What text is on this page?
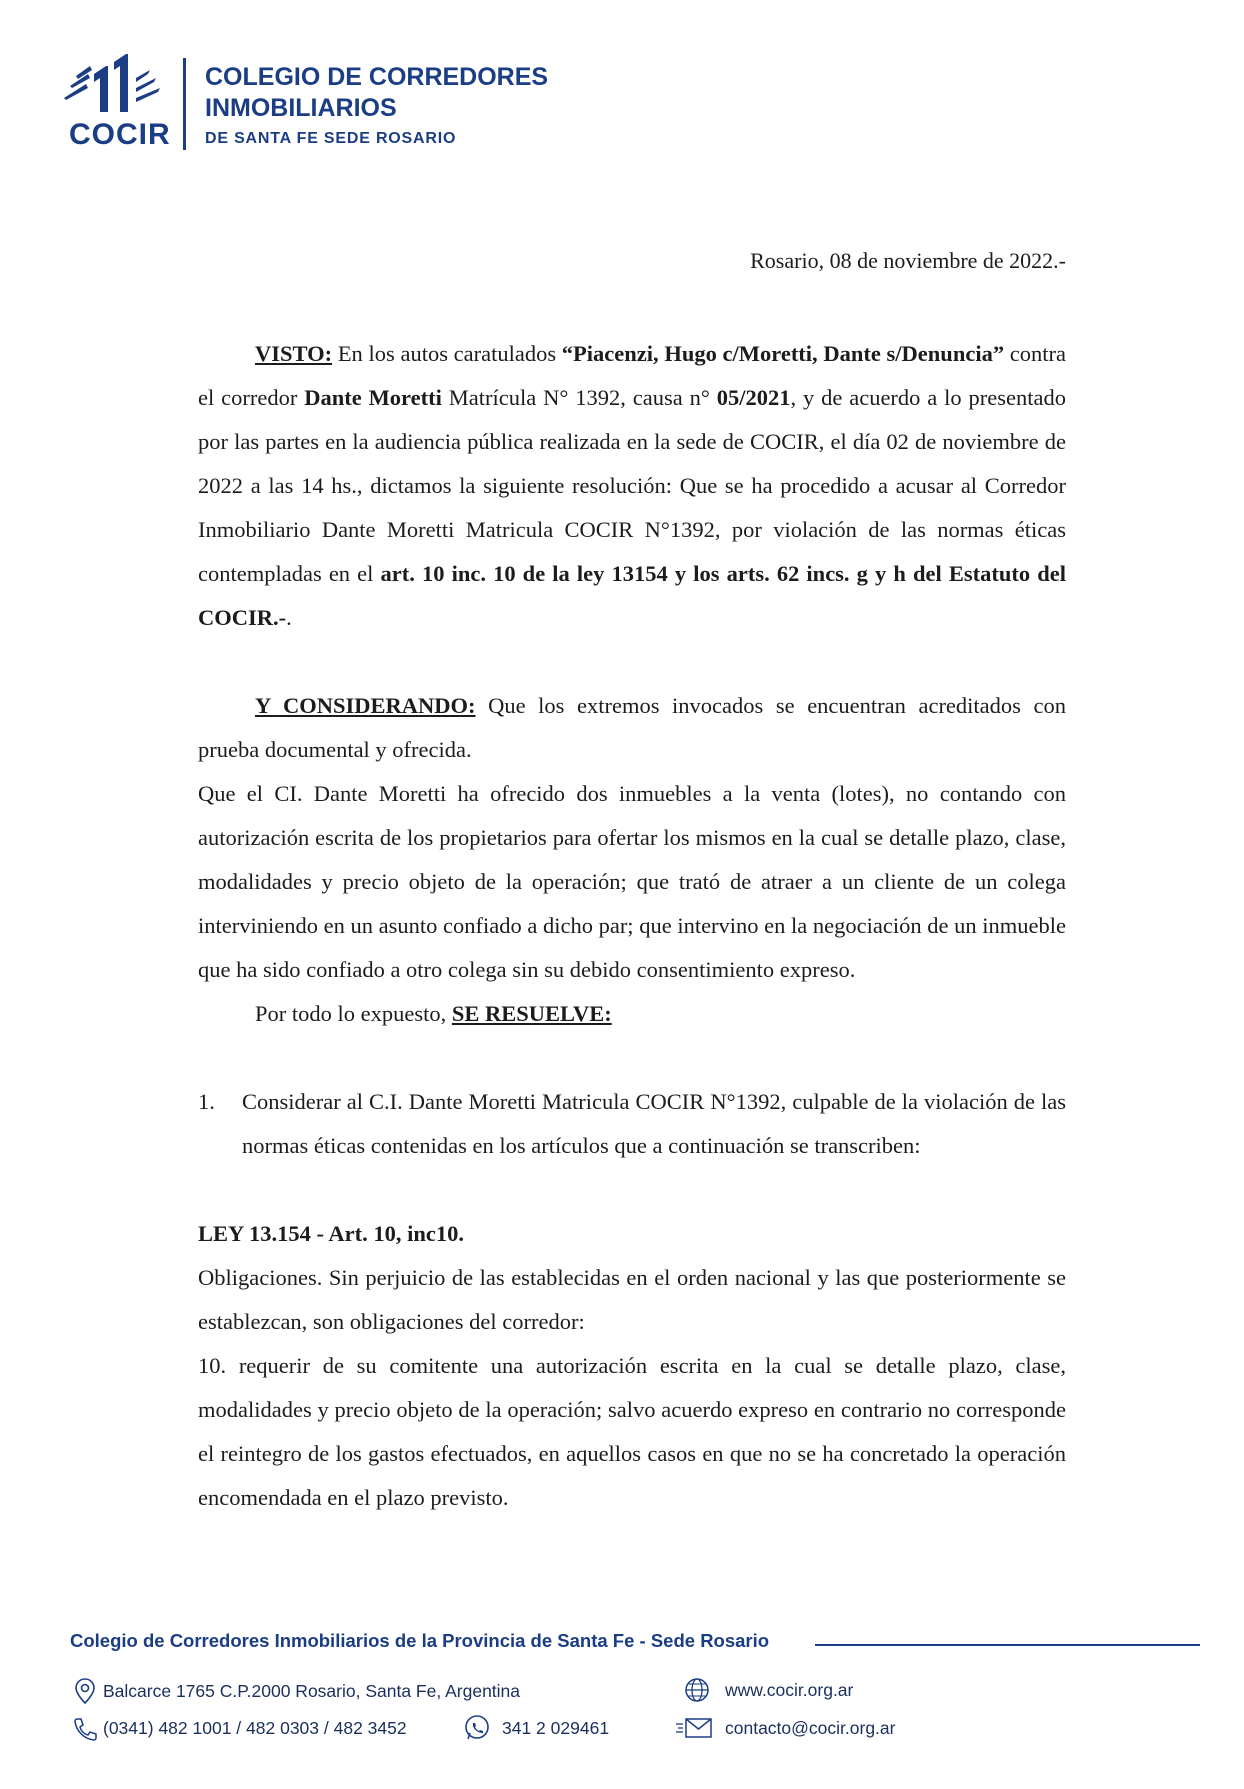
COCIR
COLEGIO DE CORREDORES
INMOBILIARIOS
DE SANTA FE SEDE ROSARIO
Rosario, 08 de noviembre de 2022.-

VISTO: En los autos caratulados “Piacenzi, Hugo c/Moretti, Dante s/Denuncia” contra el corredor Dante Moretti Matrícula N° 1392, causa n° 05/2021, y de acuerdo a lo presentado por las partes en la audiencia pública realizada en la sede de COCIR, el día 02 de noviembre de 2022 a las 14 hs., dictamos la siguiente resolución: Que se ha procedido a acusar al Corredor Inmobiliario Dante Moretti Matricula COCIR N°1392, por violación de las normas éticas contempladas en el art. 10 inc. 10 de la ley 13154 y los arts. 62 incs. g y h del Estatuto del COCIR.-.

Y CONSIDERANDO: Que los extremos invocados se encuentran acreditados con prueba documental y ofrecida.

Que el CI. Dante Moretti ha ofrecido dos inmuebles a la venta (lotes), no contando con autorización escrita de los propietarios para ofertar los mismos en la cual se detalle plazo, clase, modalidades y precio objeto de la operación; que trató de atraer a un cliente de un colega interviniendo en un asunto confiado a dicho par; que intervino en la negociación de un inmueble que ha sido confiado a otro colega sin su debido consentimiento expreso.

Por todo lo expuesto, SE RESUELVE:

1. Considerar al C.I. Dante Moretti Matricula COCIR N°1392, culpable de la violación de las normas éticas contenidas en los artículos que a continuación se transcriben:

LEY 13.154 - Art. 10, inc10.

Obligaciones. Sin perjuicio de las establecidas en el orden nacional y las que posteriormente se establezcan, son obligaciones del corredor:

10. requerir de su comitente una autorización escrita en la cual se detalle plazo, clase, modalidades y precio objeto de la operación; salvo acuerdo expreso en contrario no corresponde el reintegro de los gastos efectuados, en aquellos casos en que no se ha concretado la operación encomendada en el plazo previsto.

Colegio de Corredores Inmobiliarios de la Provincia de Santa Fe - Sede Rosario
Balcarce 1765 C.P.2000 Rosario, Santa Fe, Argentina
(0341) 482 1001 / 482 0303 / 482 3452	341 2 029461
www.cocir.org.ar
contacto@cocir.org.ar
